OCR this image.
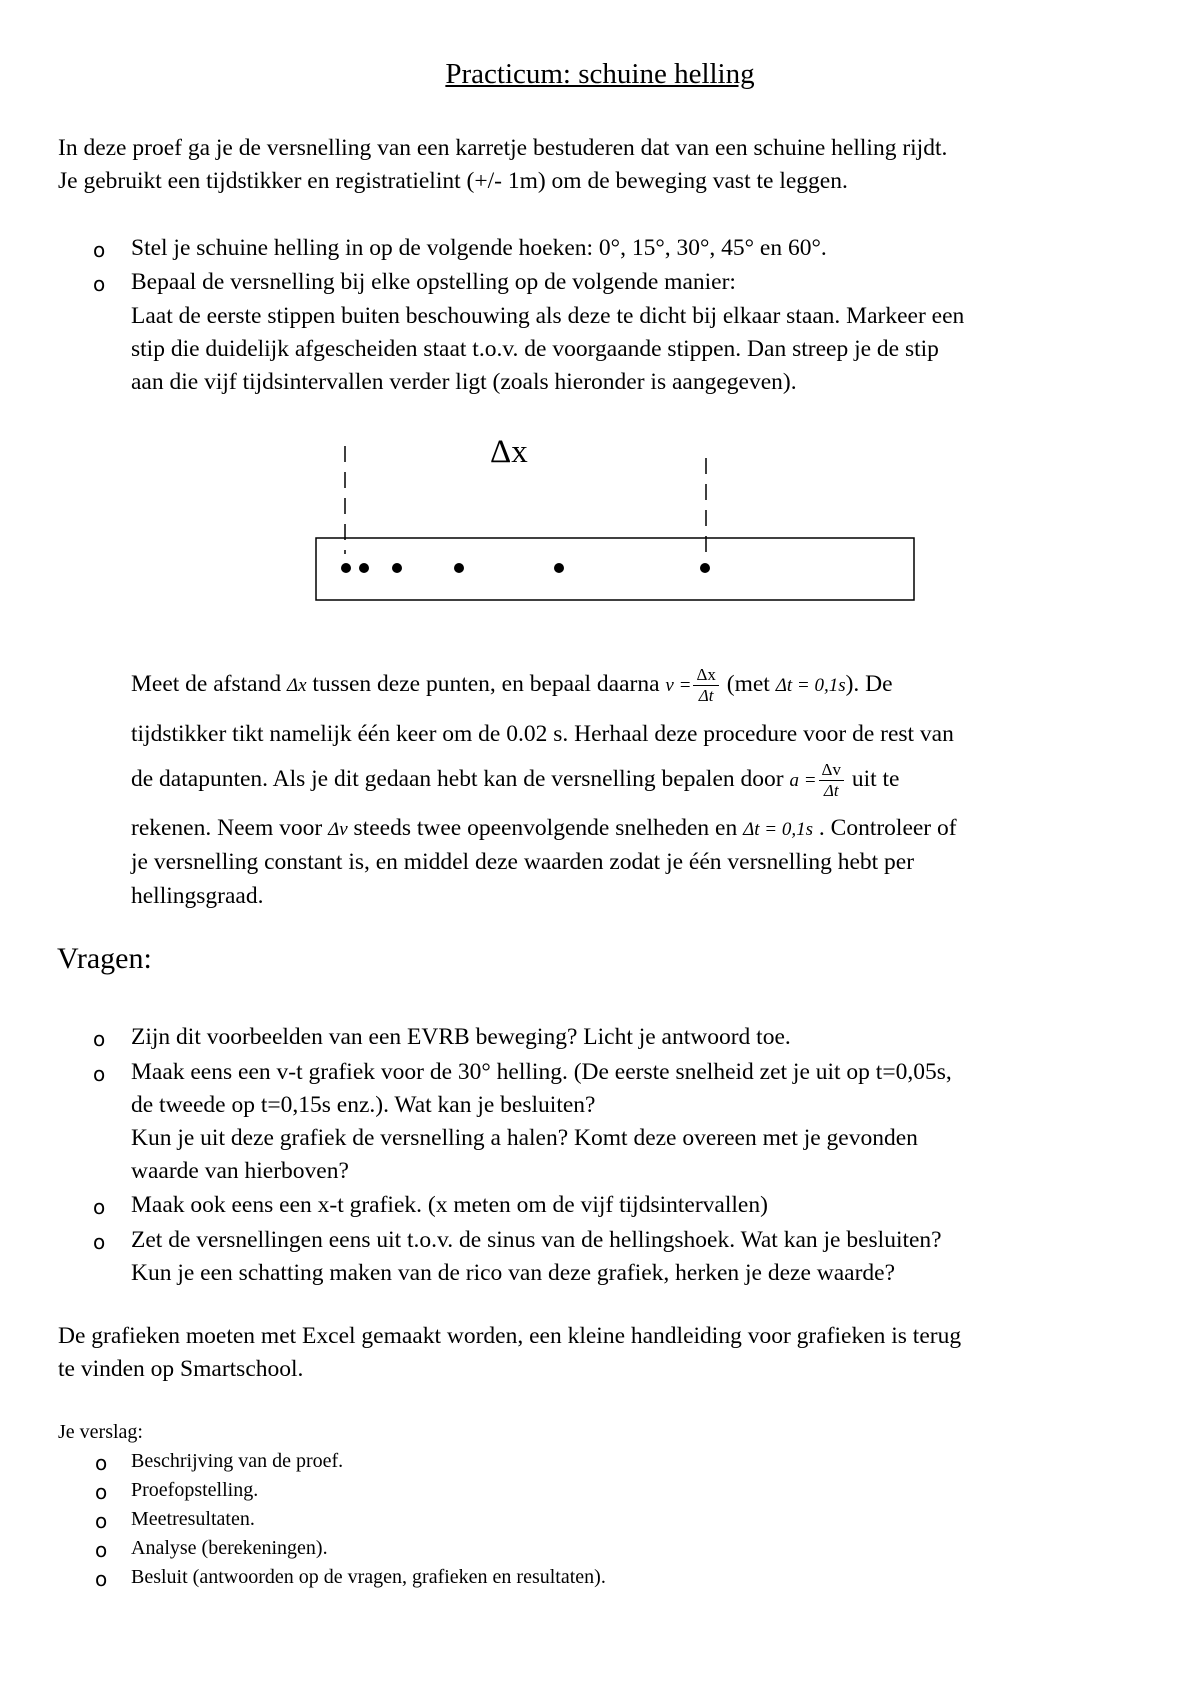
Practicum: schuine helling
In deze proef ga je de versnelling van een karretje bestuderen dat van een schuine helling rijdt.
Je gebruikt een tijdstikker en registratielint (+/- 1m) om de beweging vast te leggen.
o Stel je schuine helling in op de volgende hoeken: 0°, 15°, 30°, 45° en 60°.
o Bepaal de versnelling bij elke opstelling op de volgende manier:
Laat de eerste stippen buiten beschouwing als deze te dicht bij elkaar staan. Markeer een
stip die duidelijk afgescheiden staat t.o.v. de voorgaande stippen. Dan streep je de stip
aan die vijf tijdsintervallen verder ligt (zoals hieronder is aangegeven).
Δx
Meet de afstand Δx tussen deze punten, en bepaal daarna $v = \frac{\Delta x}{\Delta t} (met$ Δt = 0,1s). De
tijdstikker tikt namelijk één keer om de 0.02 s. Herhaal deze procedure voor de rest van
de datapunten. Als je dit gedaan hebt kan de versnelling bepalen door $a = \frac{\Delta v}{\Delta t}$ uit te
rekenen. Neem voor Δv steeds twee opeenvolgende snelheden en Δt = 0,1s . Controleer of
je versnelling constant is, en middel deze waarden zodat je één versnelling hebt per
hellingsgraad.
Vragen:
o Zijn dit voorbeelden van een EVRB beweging? Licht je antwoord toe.
o Maak eens een v-t grafiek voor de 30° helling. (De eerste snelheid zet je uit op t=0,05s,
de tweede op t=0,15s enz.). Wat kan je besluiten?
Kun je uit deze grafiek de versnelling a halen? Komt deze overeen met je gevonden
waarde van hierboven?
o Maak ook eens een x-t grafiek. (x meten om de vijf tijdsintervallen)
o Zet de versnellingen eens uit t.o.v. de sinus van de hellingshoek. Wat kan je besluiten?
Kun je een schatting maken van de rico van deze grafiek, herken je deze waarde?
De grafieken moeten met Excel gemaakt worden, een kleine handleiding voor grafieken is terug
te vinden op Smartschool.
Je verslag:
o Beschrijving van de proef.
o Proefopstelling.
o Meetresultaten.
o Analyse (berekeningen).
o Besluit (antwoorden op de vragen, grafieken en resultaten).
